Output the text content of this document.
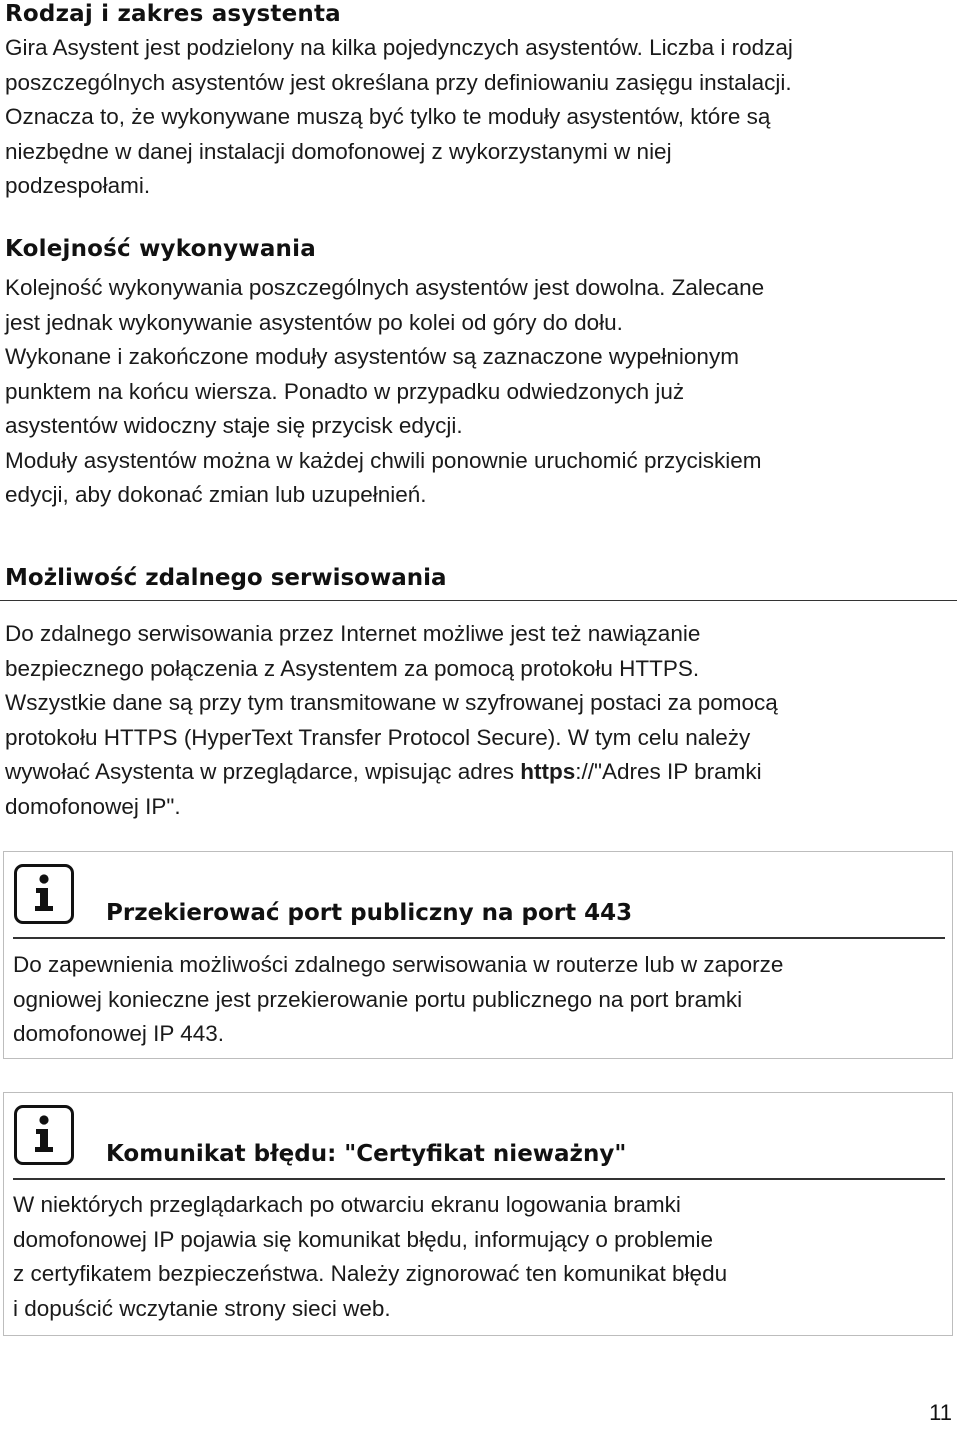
Rodzaj i zakres asystenta

Gira Asystent jest podzielony na kilka pojedynczych asystentów. Liczba i rodzaj
poszczególnych asystentów jest określana przy definiowaniu zasięgu instalacji.
Oznacza to, że wykonywane muszą być tylko te moduły asystentów, które są
niezbędne w danej instalacji domofonowej z wykorzystanymi w niej
podzespołami.

Kolejność wykonywania

Kolejność wykonywania poszczególnych asystentów jest dowolna. Zalecane
jest jednak wykonywanie asystentów po kolei od góry do dołu.
Wykonane i zakończone moduły asystentów są zaznaczone wypełnionym
punktem na końcu wiersza. Ponadto w przypadku odwiedzonych już
asystentów widoczny staje się przycisk edycji.
Moduły asystentów można w każdej chwili ponownie uruchomić przyciskiem
edycji, aby dokonać zmian lub uzupełnień.

Możliwość zdalnego serwisowania

Do zdalnego serwisowania przez Internet możliwe jest też nawiązanie
bezpiecznego połączenia z Asystentem za pomocą protokołu HTTPS.
Wszystkie dane są przy tym transmitowane w szyfrowanej postaci za pomocą
protokołu HTTPS (HyperText Transfer Protocol Secure). W tym celu należy
wywołać Asystenta w przeglądarce, wpisując adres https://"Adres IP bramki
domofonowej IP".

Przekierować port publiczny na port 443

Do zapewnienia możliwości zdalnego serwisowania w routerze lub w zaporze
ogniowej konieczne jest przekierowanie portu publicznego na port bramki
domofonowej IP 443.

Komunikat błędu: "Certyfikat nieważny"

W niektórych przeglądarkach po otwarciu ekranu logowania bramki
domofonowej IP pojawia się komunikat błędu, informujący o problemie
z certyfikatem bezpieczeństwa. Należy zignorować ten komunikat błędu
i dopuścić wczytanie strony sieci web.

11
